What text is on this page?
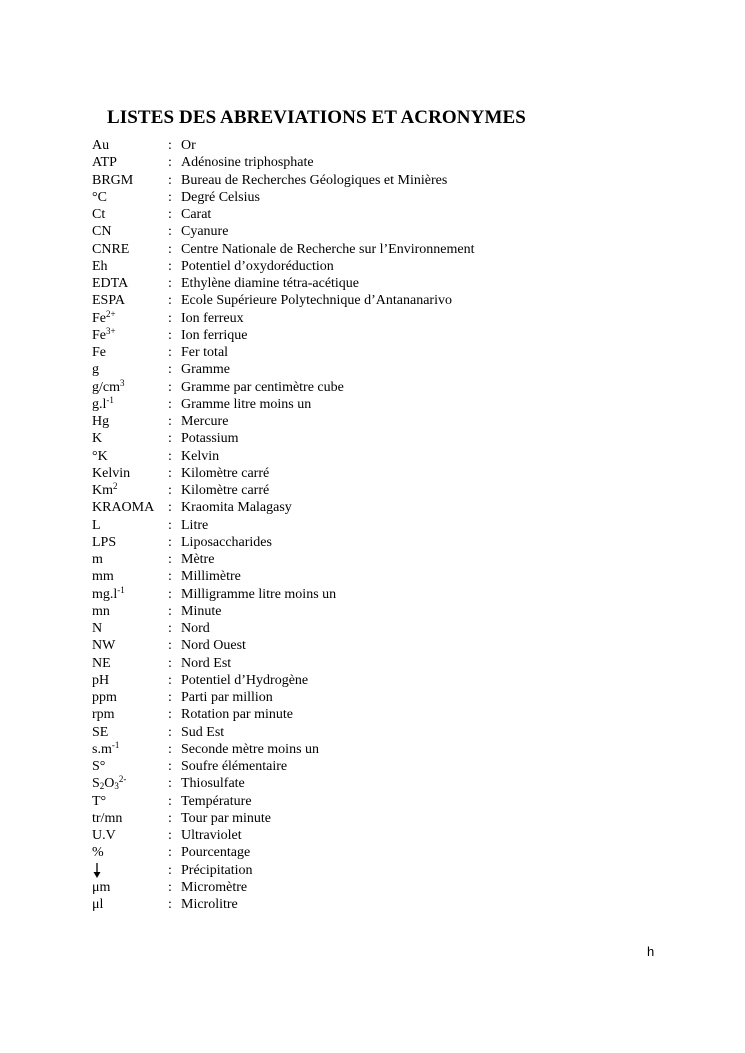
LISTES DES ABREVIATIONS ET ACRONYMES
Au	: Or
ATP	: Adénosine triphosphate
BRGM : Bureau de Recherches Géologiques et Minières
°C	: Degré Celsius
Ct	: Carat
CN	: Cyanure
CNRE	: Centre Nationale de Recherche sur l’Environnement
Eh	: Potentiel d’oxydoréduction
EDTA	: Ethylène diamine tétra-acétique
ESPA	: Ecole Supérieure Polytechnique d’Antananarivo
$Fe^{2+}$	: Ion ferreux
$Fe^{3+}$	: Ion ferrique
Fe	: Fer total
g	: Gramme
$g/cm^3$	: Gramme par centimètre cube
$g.l^{-1}$	: Gramme litre moins un
Hg	: Mercure
K	: Potassium
°K	: Kelvin
Kelvin	: Kilomètre carré
Km$^2$	: Kilomètre carré
KRAOMA : Kraomita Malagasy
L	: Litre
LPS	: Liposaccharides
m	: Mètre
mm	: Millimètre
$mg.l^{-1}$	: Milligramme litre moins un
mn	: Minute
N	: Nord
NW	: Nord Ouest
NE	: Nord Est
pH	: Potentiel d’Hydrogène
ppm	: Parti par million
rpm	: Rotation par minute
SE	: Sud Est
$s.m^{-1}$	: Seconde mètre moins un
S°	: Soufre élémentaire
$S_2O_3^{2-}$	: Thiosulfate
T°	: Température
tr/mn	: Tour par minute
U.V	: Ultraviolet
%	: Pourcentage
: Précipitation
μm	: Micromètre
μl	: Microlitre
h
